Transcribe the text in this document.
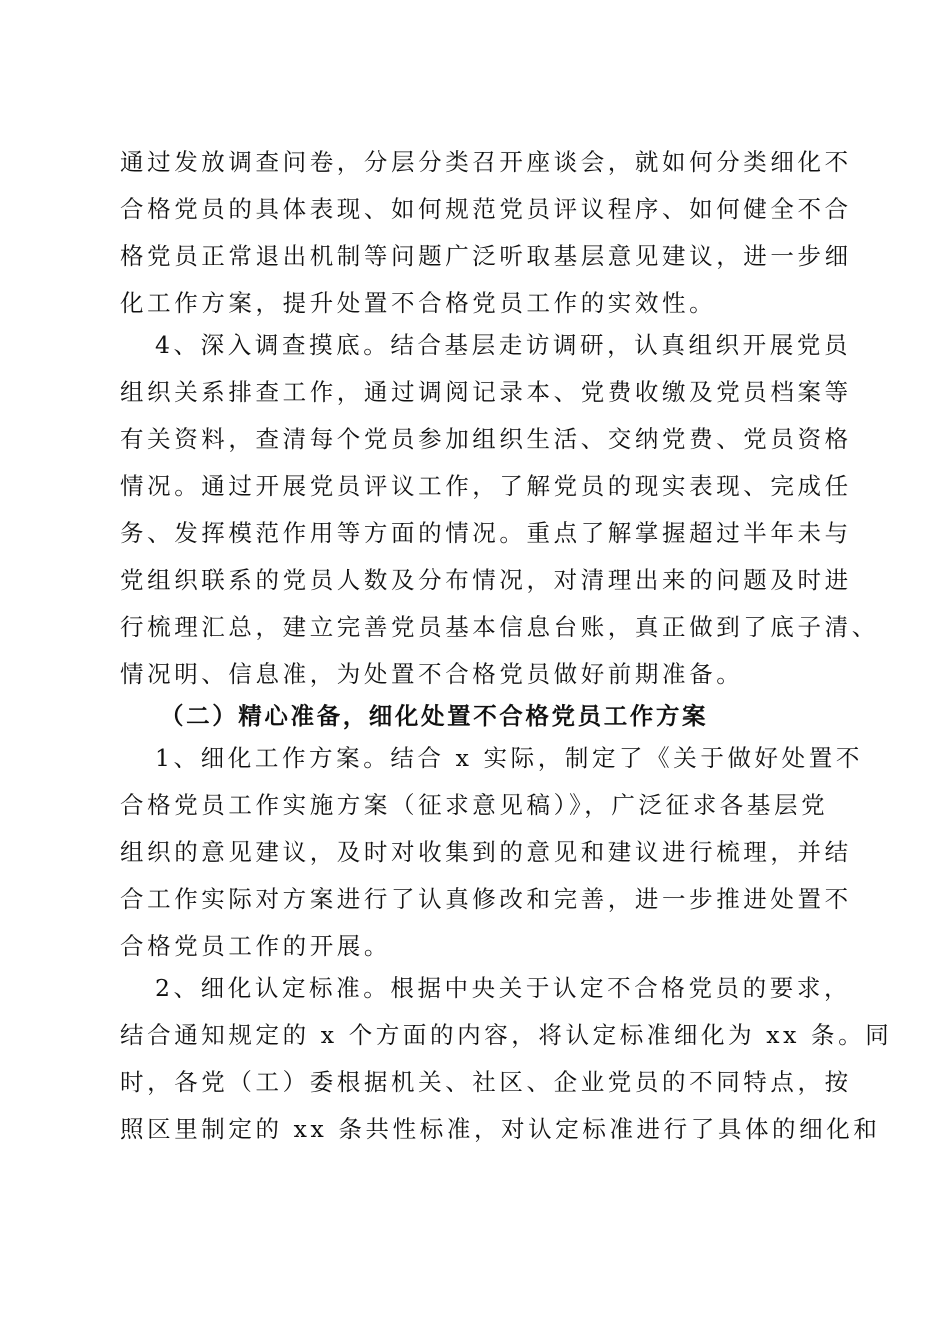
通过发放调查问卷，分层分类召开座谈会，就如何分类细化不
合格党员的具体表现、如何规范党员评议程序、如何健全不合
格党员正常退出机制等问题广泛听取基层意见建议，进一步细
化工作方案，提升处置不合格党员工作的实效性。
4、深入调查摸底。结合基层走访调研，认真组织开展党员
组织关系排查工作，通过调阅记录本、党费收缴及党员档案等
有关资料，查清每个党员参加组织生活、交纳党费、党员资格
情况。通过开展党员评议工作，了解党员的现实表现、完成任
务、发挥模范作用等方面的情况。重点了解掌握超过半年未与
党组织联系的党员人数及分布情况，对清理出来的问题及时进
行梳理汇总，建立完善党员基本信息台账，真正做到了底子清、
情况明、信息准，为处置不合格党员做好前期准备。
（二）精心准备，细化处置不合格党员工作方案
1、细化工作方案。结合 x 实际，制定了《关于做好处置不
合格党员工作实施方案（征求意见稿）》，广泛征求各基层党
组织的意见建议，及时对收集到的意见和建议进行梳理，并结
合工作实际对方案进行了认真修改和完善，进一步推进处置不
合格党员工作的开展。
2、细化认定标准。根据中央关于认定不合格党员的要求，
结合通知规定的 x 个方面的内容，将认定标准细化为 xx 条。同
时，各党（工）委根据机关、社区、企业党员的不同特点，按
照区里制定的 xx 条共性标准，对认定标准进行了具体的细化和
